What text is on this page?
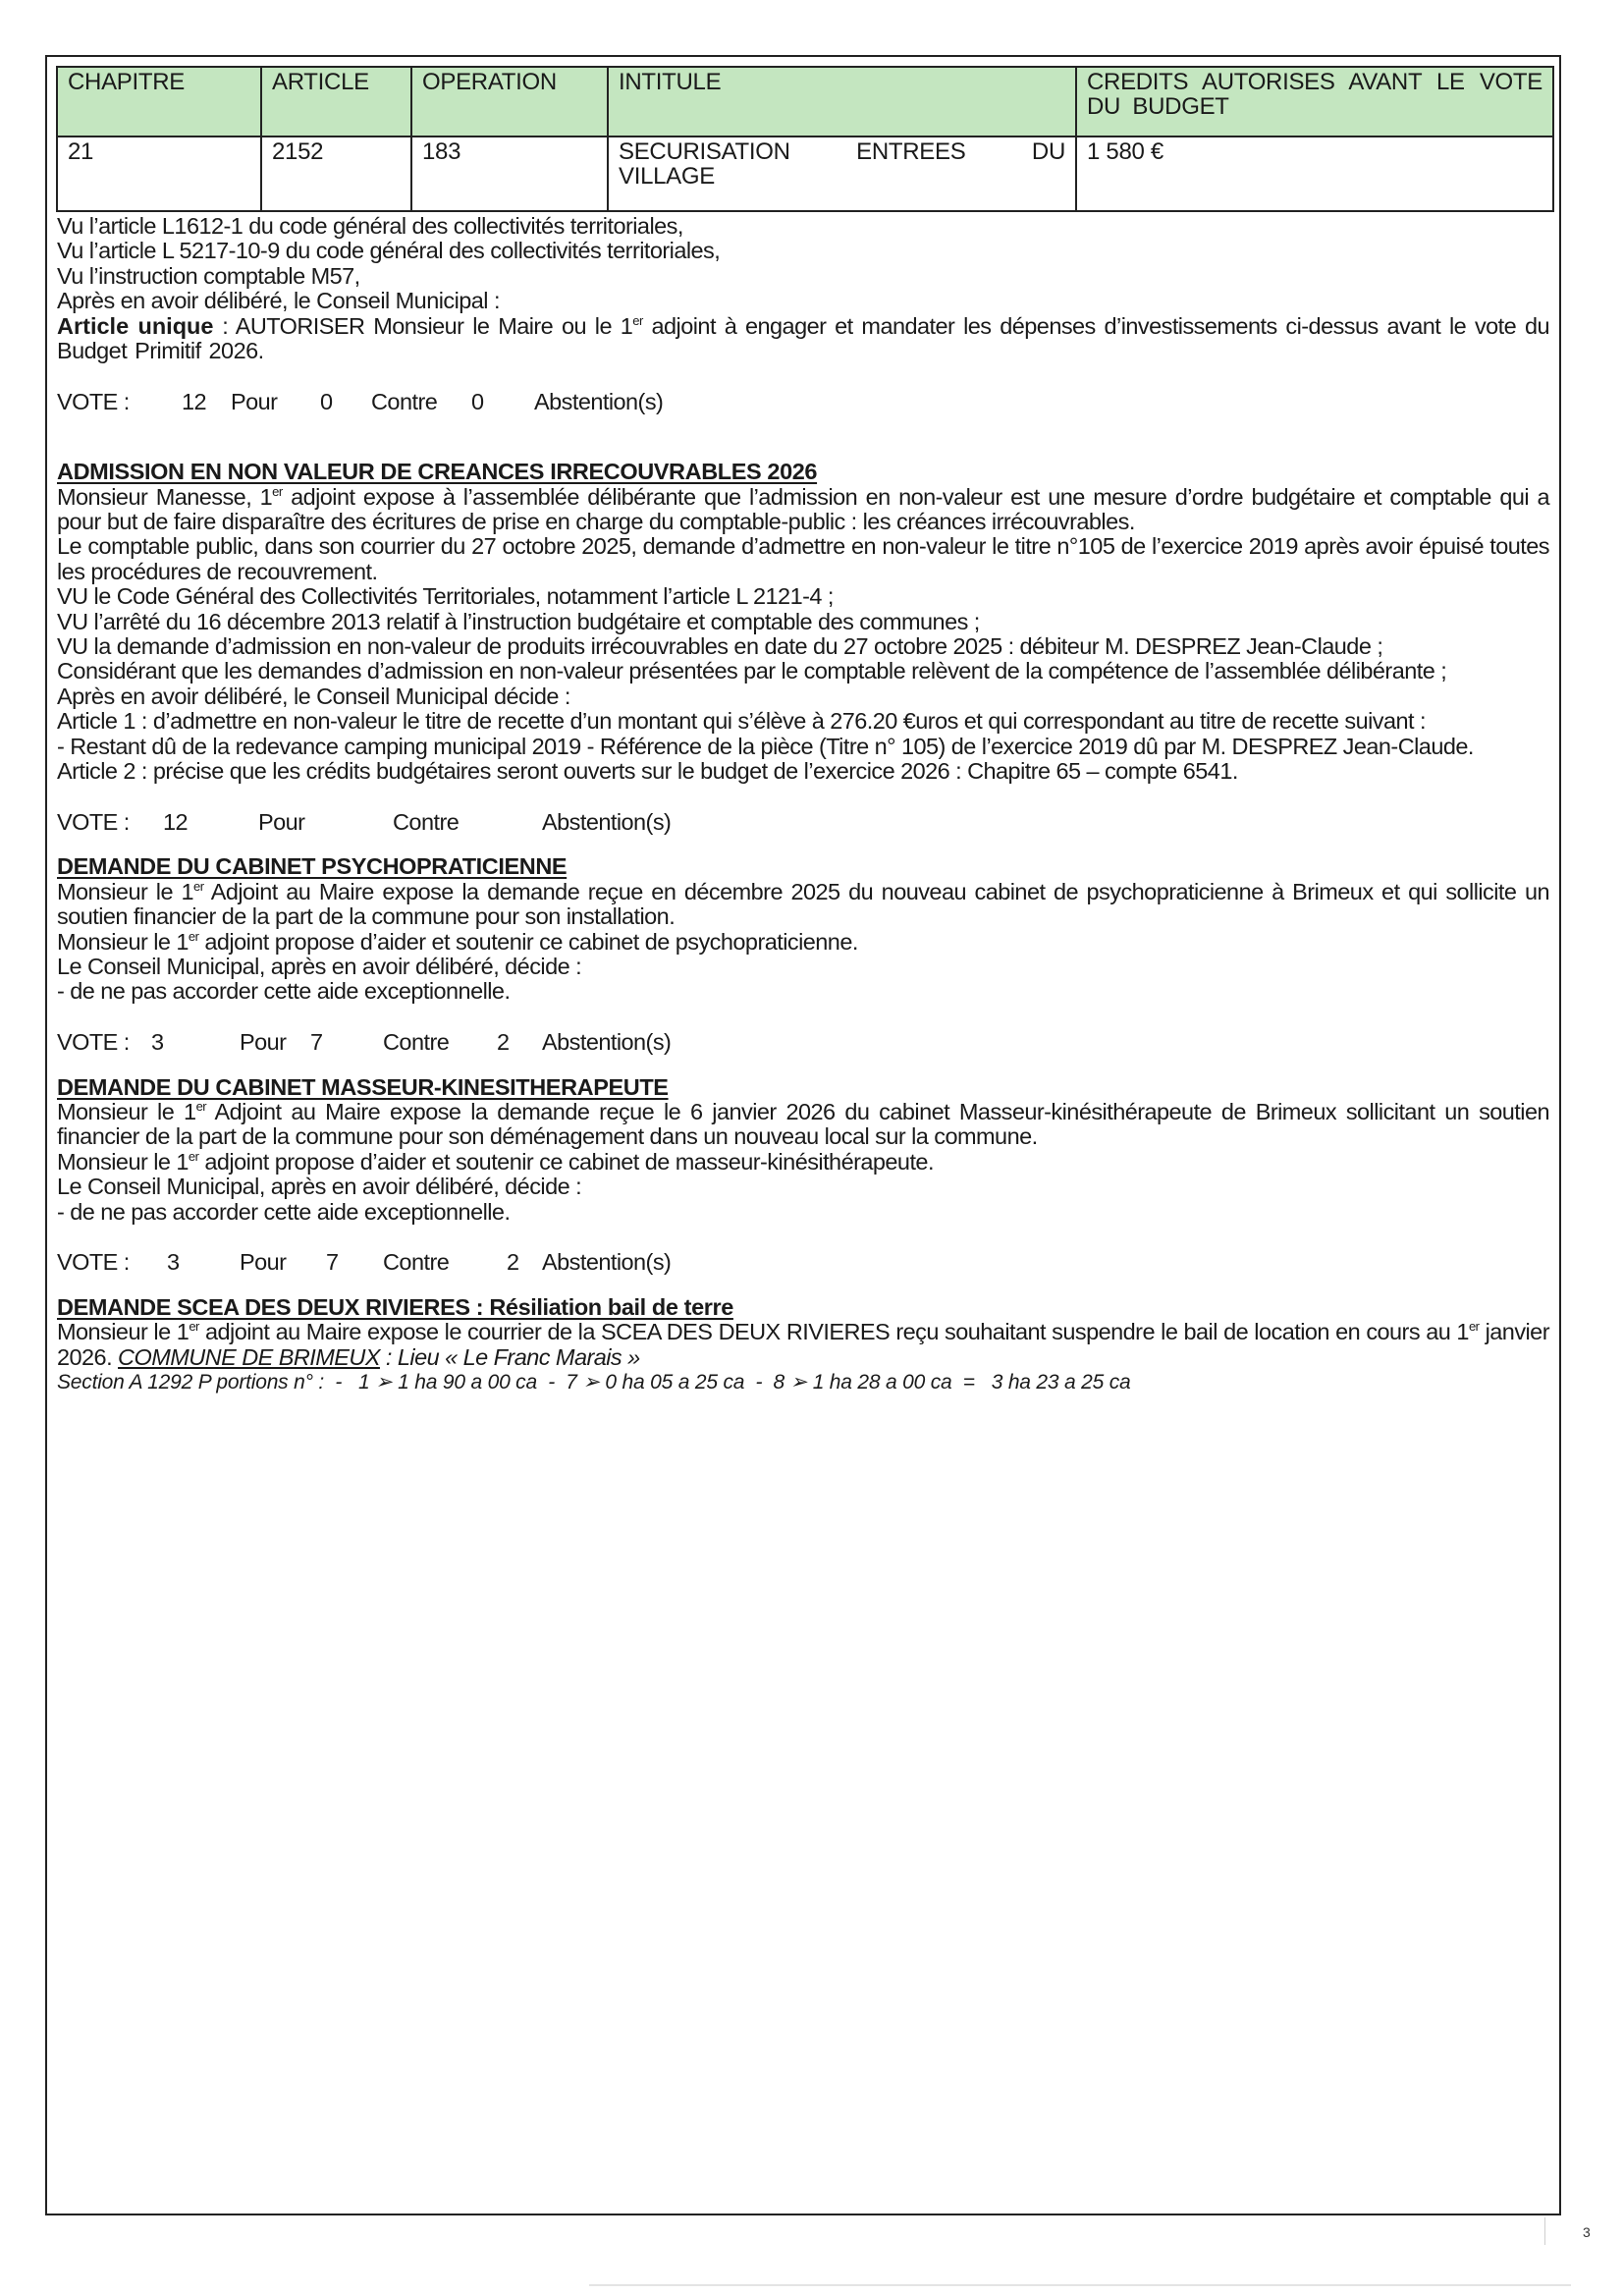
CHAPITRE	ARTICLE	OPERATION	INTITULE	CREDITS AUTORISES AVANT LE VOTE DU BUDGET
21	2152	183	SECURISATION ENTREES DU VILLAGE	1 580 €
Vu l’article L1612-1 du code général des collectivités territoriales,
Vu l’article L 5217-10-9 du code général des collectivités territoriales,
Vu l’instruction comptable M57,
Après en avoir délibéré, le Conseil Municipal :
Article unique : AUTORISER Monsieur le Maire ou le 1er adjoint à engager et mandater les dépenses d’investissements ci-dessus avant le vote du Budget Primitif 2026.
VOTE :	12	Pour	0	Contre	0	Abstention(s)
ADMISSION EN NON VALEUR DE CREANCES IRRECOUVRABLES 2026
Monsieur Manesse, 1er adjoint expose à l’assemblée délibérante que l’admission en non-valeur est une mesure d’ordre budgétaire et comptable qui a pour but de faire disparaître des écritures de prise en charge du comptable-public : les créances irrécouvrables.
Le comptable public, dans son courrier du 27 octobre 2025, demande d’admettre en non-valeur le titre n°105 de l’exercice 2019 après avoir épuisé toutes les procédures de recouvrement.
VU le Code Général des Collectivités Territoriales, notamment l’article L 2121-4 ;
VU l’arrêté du 16 décembre 2013 relatif à l’instruction budgétaire et comptable des communes ;
VU la demande d’admission en non-valeur de produits irrécouvrables en date du 27 octobre 2025 : débiteur M. DESPREZ Jean-Claude ;
Considérant que les demandes d’admission en non-valeur présentées par le comptable relèvent de la compétence de l’assemblée délibérante ;
Après en avoir délibéré, le Conseil Municipal décide :
Article 1 : d’admettre en non-valeur le titre de recette d’un montant qui s’élève à 276.20 €uros et qui correspondant au titre de recette suivant :
- Restant dû de la redevance camping municipal 2019 - Référence de la pièce (Titre n° 105) de l’exercice 2019 dû par M. DESPREZ Jean-Claude.
Article 2 : précise que les crédits budgétaires seront ouverts sur le budget de l’exercice 2026 : Chapitre 65 – compte 6541.
VOTE :	12	Pour	Contre	Abstention(s)
DEMANDE DU CABINET PSYCHOPRATICIENNE
Monsieur le 1er Adjoint au Maire expose la demande reçue en décembre 2025 du nouveau cabinet de psychopraticienne à Brimeux et qui sollicite un soutien financier de la part de la commune pour son installation.
Monsieur le 1er adjoint propose d’aider et soutenir ce cabinet de psychopraticienne.
Le Conseil Municipal, après en avoir délibéré, décide :
- de ne pas accorder cette aide exceptionnelle.
VOTE : 3	Pour	7	Contre	2	Abstention(s)
DEMANDE DU CABINET MASSEUR-KINESITHERAPEUTE
Monsieur le 1er Adjoint au Maire expose la demande reçue le 6 janvier 2026 du cabinet Masseur-kinésithérapeute de Brimeux sollicitant un soutien financier de la part de la commune pour son déménagement dans un nouveau local sur la commune.
Monsieur le 1er adjoint propose d’aider et soutenir ce cabinet de masseur-kinésithérapeute.
Le Conseil Municipal, après en avoir délibéré, décide :
- de ne pas accorder cette aide exceptionnelle.
VOTE :	3	Pour	7	Contre	2 Abstention(s)
DEMANDE SCEA DES DEUX RIVIERES : Résiliation bail de terre
Monsieur le 1er adjoint au Maire expose le courrier de la SCEA DES DEUX RIVIERES reçu souhaitant suspendre le bail de location en cours au 1er janvier 2026. COMMUNE DE BRIMEUX : Lieu « Le Franc Marais »
Section A 1292 P portions n° :  -   1 ➢ 1 ha 90 a 00 ca  -  7 ➢ 0 ha 05 a 25 ca  -  8 ➢ 1 ha 28 a 00 ca  =   3 ha 23 a 25 ca
3
